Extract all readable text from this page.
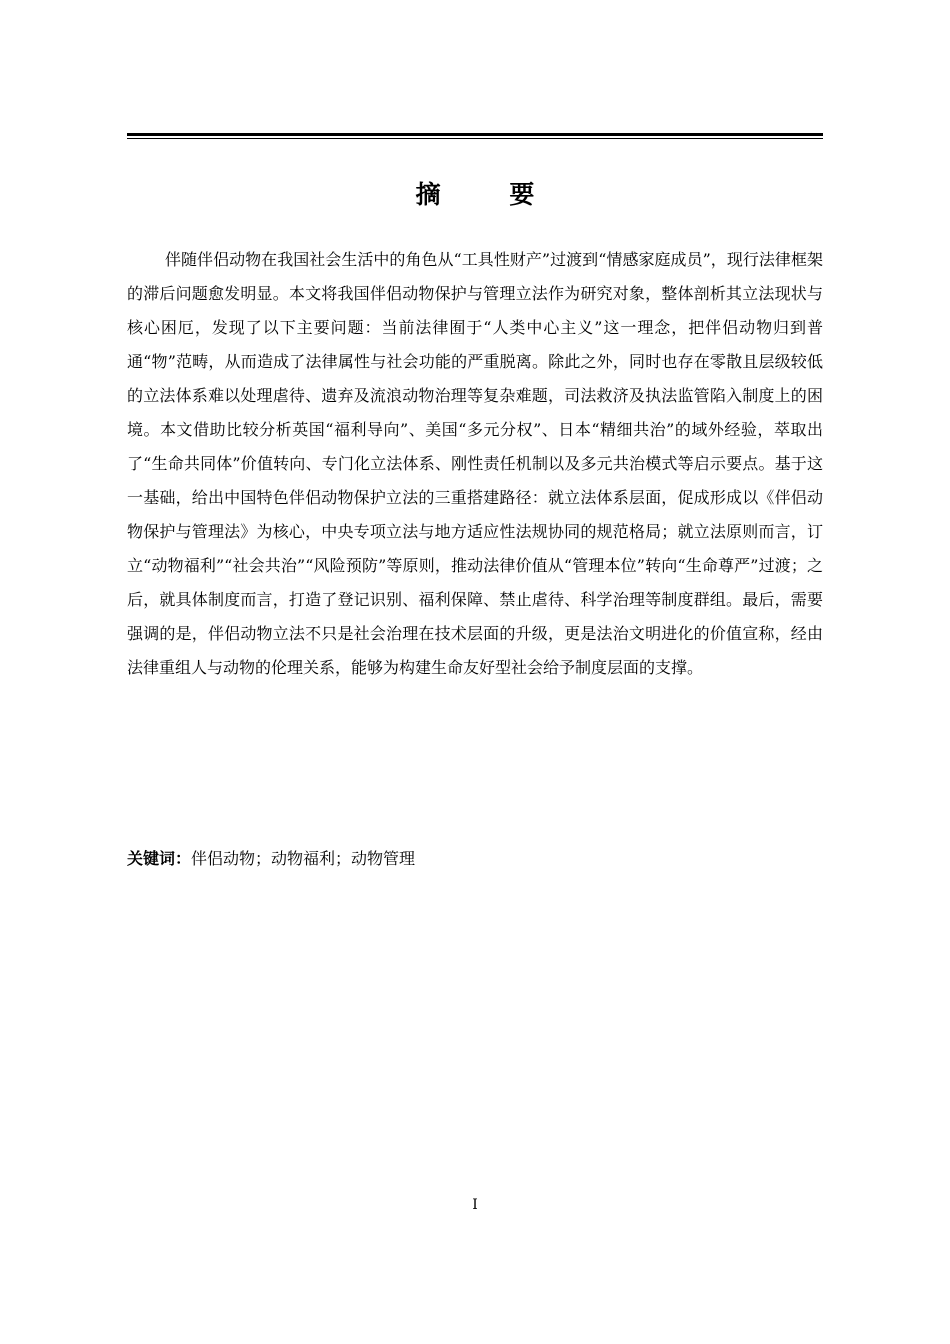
摘 要

伴随伴侣动物在我国社会生活中的角色从“工具性财产”过渡到“情感家庭成员”，现行法律框架的滞后问题愈发明显。本文将我国伴侣动物保护与管理立法作为研究对象，整体剖析其立法现状与核心困厄，发现了以下主要问题：当前法律囿于“人类中心主义”这一理念，把伴侣动物归到普通“物”范畴，从而造成了法律属性与社会功能的严重脱离。除此之外，同时也存在零散且层级较低的立法体系难以处理虐待、遗弃及流浪动物治理等复杂难题，司法救济及执法监管陷入制度上的困境。本文借助比较分析英国“福利导向”、美国“多元分权”、日本“精细共治”的域外经验，萃取出了“生命共同体”价值转向、专门化立法体系、刚性责任机制以及多元共治模式等启示要点。基于这一基础，给出中国特色伴侣动物保护立法的三重搭建路径：就立法体系层面，促成形成以《伴侣动物保护与管理法》为核心，中央专项立法与地方适应性法规协同的规范格局；就立法原则而言，订立“动物福利”“社会共治”“风险预防”等原则，推动法律价值从“管理本位”转向“生命尊严”过渡；之后，就具体制度而言，打造了登记识别、福利保障、禁止虐待、科学治理等制度群组。最后，需要强调的是，伴侣动物立法不只是社会治理在技术层面的升级，更是法治文明进化的价值宣称，经由法律重组人与动物的伦理关系，能够为构建生命友好型社会给予制度层面的支撑。

关键词：伴侣动物；动物福利；动物管理

I
